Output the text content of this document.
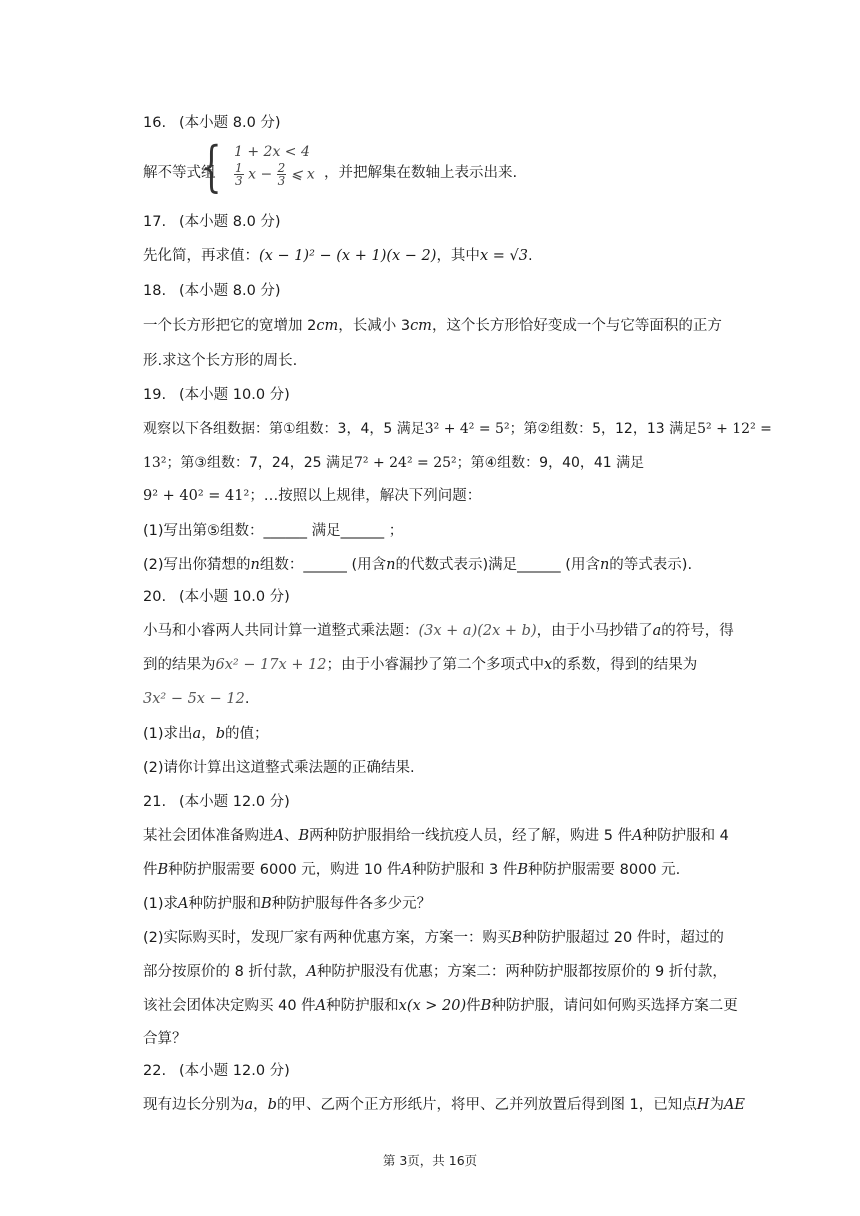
16. (本小题 8.0 分)
解不等式组
{ 1 + 2x < 4
$\frac{1}{3}$ $x - \frac{2}{3}$ ⩽ x ，并把解集在数轴上表示出来.
17. (本小题 8.0 分)
先化简，再求值：(x − 1)² − (x + 1)(x − 2)，其中x = √3.
18. (本小题 8.0 分)
一个长方形把它的宽增加 2cm，长减小 3cm，这个长方形恰好变成一个与它等面积的正方
形.求这个长方形的周长.
19. (本小题 10.0 分)
观察以下各组数据：第①组数：3，4，5 满足3² + 4² = 5²；第②组数：5，12，13 满足5² + 12² =
13²；第③组数：7，24，25 满足7² + 24² = 25²；第④组数：9，40，41 满足
9² + 40² = 41²；…按照以上规律，解决下列问题：
(1)写出第⑤组数：______ 满足______ ；
(2)写出你猜想的n组数：______ (用含n的代数式表示)满足______ (用含n的等式表示).
20. (本小题 10.0 分)
小马和小睿两人共同计算一道整式乘法题：(3x + a)(2x + b)，由于小马抄错了a的符号，得
到的结果为6x² − 17x + 12；由于小睿漏抄了第二个多项式中x的系数，得到的结果为
3x² − 5x − 12.
(1)求出a，b的值；
(2)请你计算出这道整式乘法题的正确结果.
21. (本小题 12.0 分)
某社会团体准备购进A、B两种防护服捐给一线抗疫人员，经了解，购进 5 件A种防护服和 4
件B种防护服需要 6000 元，购进 10 件A种防护服和 3 件B种防护服需要 8000 元.
(1)求A种防护服和B种防护服每件各多少元？
(2)实际购买时，发现厂家有两种优惠方案，方案一：购买B种防护服超过 20 件时，超过的
部分按原价的 8 折付款，A种防护服没有优惠；方案二：两种防护服都按原价的 9 折付款，
该社会团体决定购买 40 件A种防护服和x(x > 20)件B种防护服，请问如何购买选择方案二更
合算？
22. (本小题 12.0 分)
现有边长分别为a，b的甲、乙两个正方形纸片，将甲、乙并列放置后得到图 1，已知点H为AE
第 3页，共 16页
